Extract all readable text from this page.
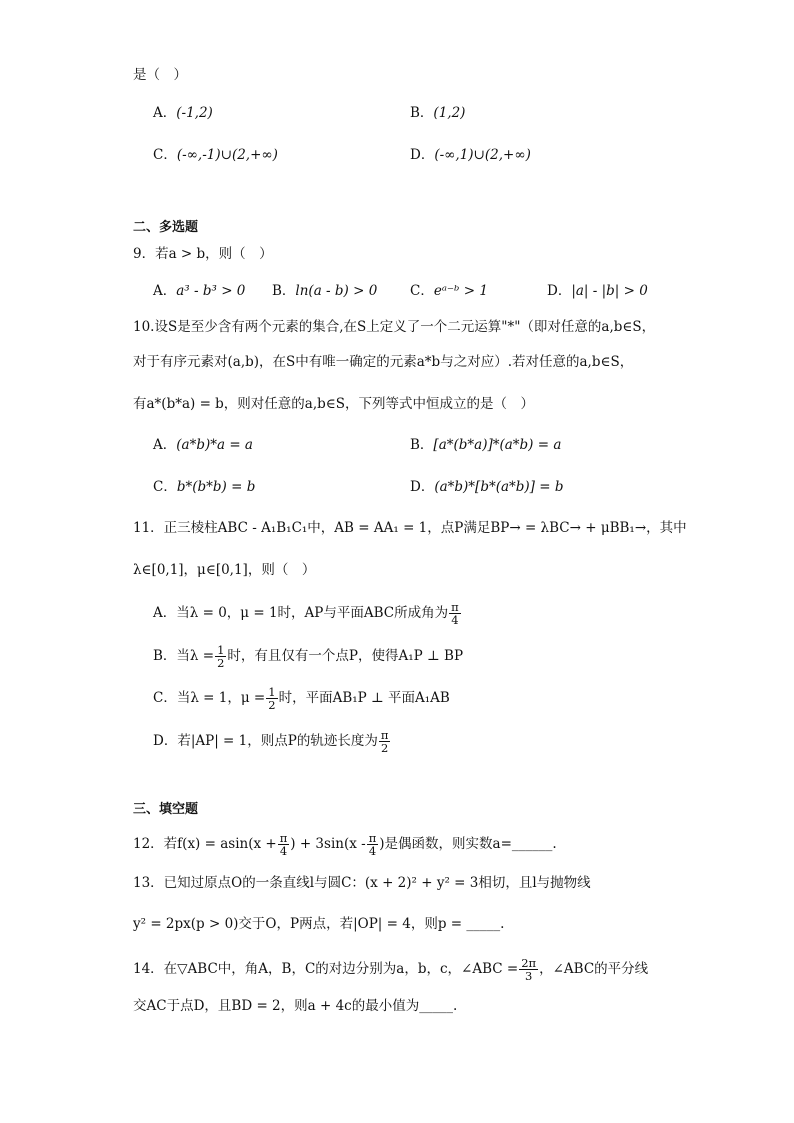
是（　）
A．(-1,2)	B．(1,2)
C．(-∞,-1)∪(2,+∞)	D．(-∞,1)∪(2,+∞)
二、多选题
9．若a > b，则（　）
A．a³ - b³ > 0 B．ln(a - b) > 0 C．eᵃ⁻ᵇ > 1	D．|a| - |b| > 0
10.设S是至少含有两个元素的集合,在S上定义了一个二元运算"*"（即对任意的a,b∈S，
对于有序元素对(a,b)，在S中有唯一确定的元素a*b与之对应）.若对任意的a,b∈S，
有a*(b*a) = b，则对任意的a,b∈S，下列等式中恒成立的是（　）
A．(a*b)*a = a	B．[a*(b*a)]*(a*b) = a
C．b*(b*b) = b	D．(a*b)*[b*(a*b)] = b
11．正三棱柱ABC - A₁B₁C₁中，AB = AA₁ = 1，点P满足BP→ = λBC→ + μBB₁→，其中
λ∈[0,1]，μ∈[0,1]，则（　）
A．当λ = 0，μ = 1时，AP与平面ABC所成角为 $\frac{\pi}{4}$
B．当$\lambda = \frac{1}{2}$ 时，有且仅有一个点P，使得A₁P ⊥ BP
C．当λ = 1，$\mu = \frac{1}{2}$ 时，平面AB₁P ⊥ 平面A₁AB
D．若|AP| = 1，则点P的轨迹长度为 $\frac{\pi}{2}$
三、填空题
12．若$f(x) = asin(x + \frac{\pi}{4}$ ) + $3\sin(x - \frac{\pi}{4}$ )是偶函数，则实数a=______.
13．已知过原点O的一条直线l与圆C：(x + 2)² + y² = 3相切，且l与抛物线
y² = 2px(p > 0)交于O，P两点，若|OP| = 4，则p = _____.
14．在▽ABC中，角A，B，C的对边分别为a，b，c，∠ABC = $\frac{2\pi}{3}$ ，∠ABC的平分线
交AC于点D，且BD = 2，则a + 4c的最小值为_____.
